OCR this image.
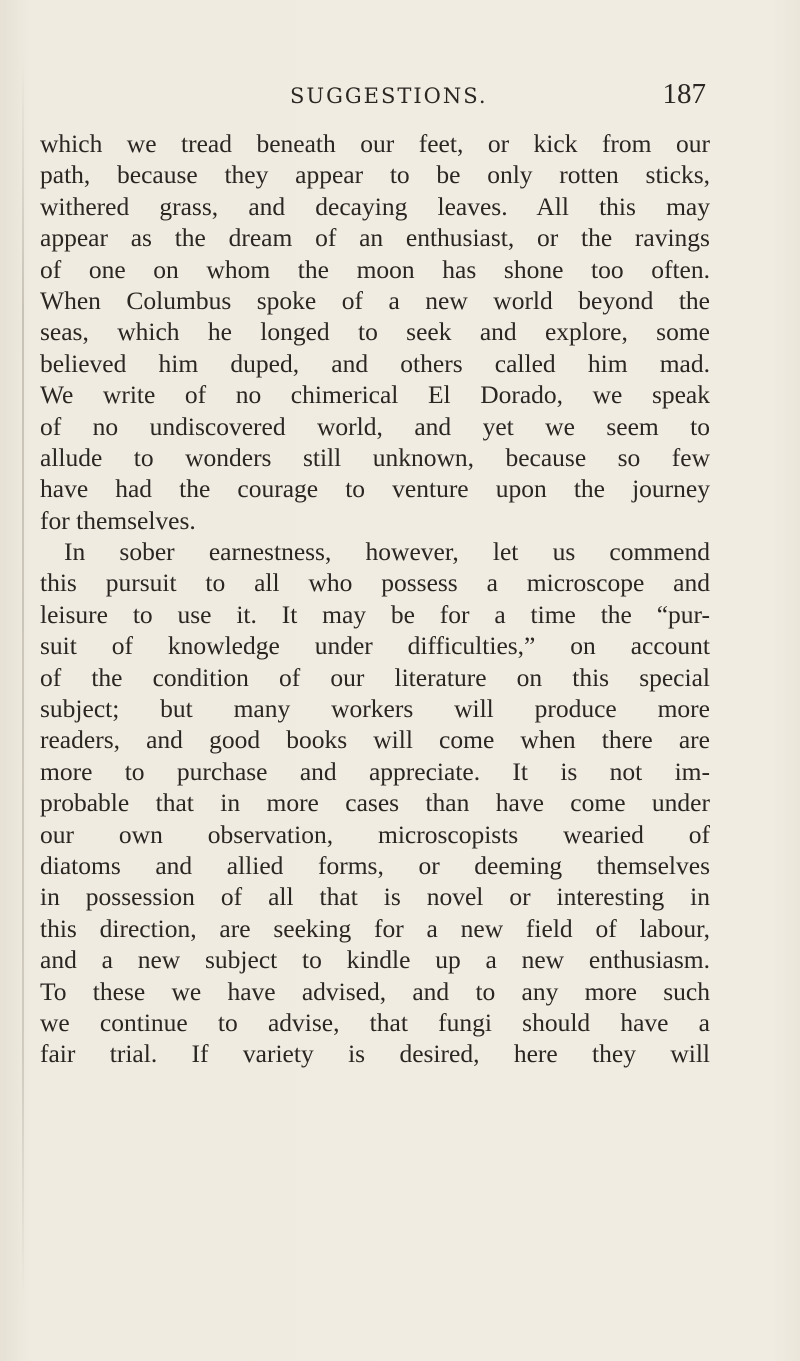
SUGGESTIONS.	187
which we tread beneath our feet, or kick from our
path, because they appear to be only rotten sticks,
withered grass, and decaying leaves. All this may
appear as the dream of an enthusiast, or the ravings
of one on whom the moon has shone too often.
When Columbus spoke of a new world beyond the
seas, which he longed to seek and explore, some
believed him duped, and others called him mad.
We write of no chimerical El Dorado, we speak
of no undiscovered world, and yet we seem to
allude to wonders still unknown, because so few
have had the courage to venture upon the journey
for themselves.
In sober earnestness, however, let us commend
this pursuit to all who possess a microscope and
leisure to use it. It may be for a time the “pur-
suit of knowledge under difficulties,” on account
of the condition of our literature on this special
subject; but many workers will produce more
readers, and good books will come when there are
more to purchase and appreciate. It is not im-
probable that in more cases than have come under
our own observation, microscopists wearied of
diatoms and allied forms, or deeming themselves
in possession of all that is novel or interesting in
this direction, are seeking for a new field of labour,
and a new subject to kindle up a new enthusiasm.
To these we have advised, and to any more such
we continue to advise, that fungi should have a
fair trial. If variety is desired, here they will
